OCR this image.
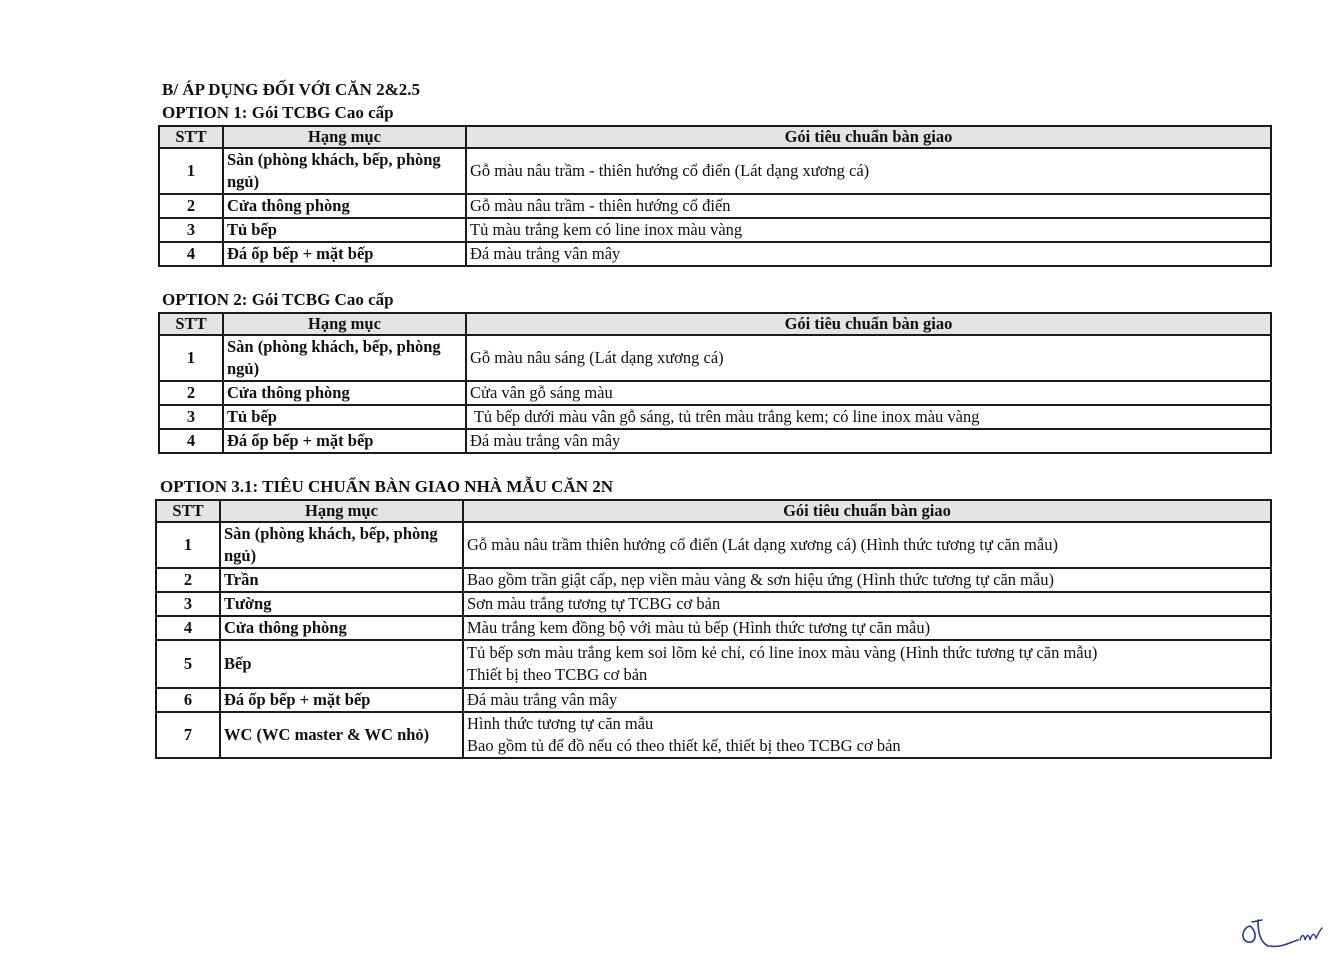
B/ ÁP DỤNG ĐỐI VỚI CĂN 2&2.5
OPTION 1: Gói TCBG Cao cấp
STT	Hạng mục	Gói tiêu chuẩn bàn giao
1	Sàn (phòng khách, bếp, phòng ngủ)	Gỗ màu nâu trầm - thiên hướng cổ điển (Lát dạng xương cá)
2	Cửa thông phòng	Gỗ màu nâu trầm - thiên hướng cổ điển
3	Tủ bếp	Tủ màu trắng kem có line inox màu vàng
4	Đá ốp bếp + mặt bếp	Đá màu trắng vân mây
OPTION 2: Gói TCBG Cao cấp
STT	Hạng mục	Gói tiêu chuẩn bàn giao
1	Sàn (phòng khách, bếp, phòng ngủ)	Gỗ màu nâu sáng (Lát dạng xương cá)
2	Cửa thông phòng	Cửa vân gỗ sáng màu
3	Tủ bếp	Tủ bếp dưới màu vân gỗ sáng, tủ trên màu trắng kem; có line inox màu vàng
4	Đá ốp bếp + mặt bếp	Đá màu trắng vân mây
OPTION 3.1: TIÊU CHUẨN BÀN GIAO NHÀ MẪU CĂN 2N
STT	Hạng mục	Gói tiêu chuẩn bàn giao
1	Sàn (phòng khách, bếp, phòng ngủ)	Gỗ màu nâu trầm thiên hướng cổ điển (Lát dạng xương cá) (Hình thức tương tự căn mẫu)
2	Trần	Bao gồm trần giật cấp, nẹp viền màu vàng & sơn hiệu ứng (Hình thức tương tự căn mẫu)
3	Tường	Sơn màu trắng tương tự TCBG cơ bản
4	Cửa thông phòng	Màu trắng kem đồng bộ với màu tủ bếp (Hình thức tương tự căn mẫu)
5	Bếp	Tủ bếp sơn màu trắng kem soi lõm kẻ chỉ, có line inox màu vàng (Hình thức tương tự căn mẫu)
Thiết bị theo TCBG cơ bản

6	Đá ốp bếp + mặt bếp	Đá màu trắng vân mây
7	WC (WC master & WC nhỏ)	Hình thức tương tự căn mẫu
Bao gồm tủ để đồ nếu có theo thiết kế, thiết bị theo TCBG cơ bản
